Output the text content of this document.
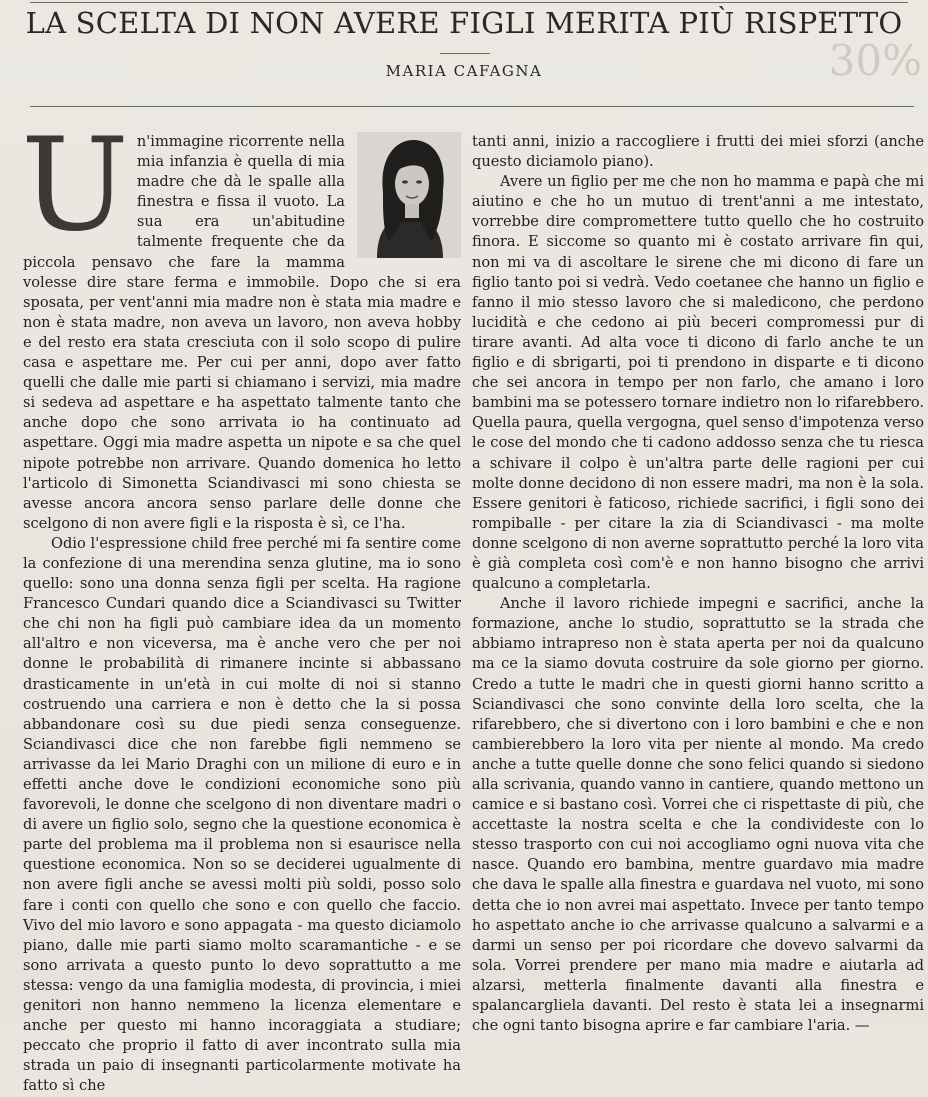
LA SCELTA DI NON AVERE FIGLI MERITA PIÙ RISPETTO
30%
MARIA CAFAGNA
U n'immagine ricorrente nella mia infanzia è quella di mia madre che dà le spalle alla finestra e fissa il vuoto. La sua era un'abitudine talmente frequente che da piccola pensavo che fare la mamma volesse dire stare ferma e immobile. Dopo che si era sposata, per vent'anni mia madre non è stata mia madre e non è stata madre, non aveva un lavoro, non aveva hobby e del resto era stata cresciuta con il solo scopo di pulire casa e aspettare me. Per cui per anni, dopo aver fatto quelli che dalle mie parti si chiamano i servizi, mia madre si sedeva ad aspettare e ha aspettato talmente tanto che anche dopo che sono arrivata io ha continuato ad aspettare. Oggi mia madre aspetta un nipote e sa che quel nipote potrebbe non arrivare. Quando domenica ho letto l'articolo di Simonetta Sciandivasci mi sono chiesta se avesse ancora ancora senso parlare delle donne che scelgono di non avere figli e la risposta è sì, ce l'ha.

Odio l'espressione child free perché mi fa sentire come la confezione di una merendina senza glutine, ma io sono quello: sono una donna senza figli per scelta. Ha ragione Francesco Cundari quando dice a Sciandivasci su Twitter che chi non ha figli può cambiare idea da un momento all'altro e non viceversa, ma è anche vero che per noi donne le probabilità di rimanere incinte si abbassano drasticamente in un'età in cui molte di noi si stanno costruendo una carriera e non è detto che la si possa abbandonare così su due piedi senza conseguenze. Sciandivasci dice che non farebbe figli nemmeno se arrivasse da lei Mario Draghi con un milione di euro e in effetti anche dove le condizioni economiche sono più favorevoli, le donne che scelgono di non diventare madri o di avere un figlio solo, segno che la questione economica è parte del problema ma il problema non si esaurisce nella questione economica. Non so se deciderei ugualmente di non avere figli anche se avessi molti più soldi, posso solo fare i conti con quello che sono e con quello che faccio. Vivo del mio lavoro e sono appagata - ma questo diciamolo piano, dalle mie parti siamo molto scaramantiche - e se sono arrivata a questo punto lo devo soprattutto a me stessa: vengo da una famiglia modesta, di provincia, i miei genitori non hanno nemmeno la licenza elementare e anche per questo mi hanno incoraggiata a studiare; peccato che proprio il fatto di aver incontrato sulla mia strada un paio di insegnanti particolarmente motivate ha fatto sì che

tanti anni, inizio a raccogliere i frutti dei miei sforzi (anche questo diciamolo piano).

Avere un figlio per me che non ho mamma e papà che mi aiutino e che ho un mutuo di trent'anni a me intestato, vorrebbe dire compromettere tutto quello che ho costruito finora. E siccome so quanto mi è costato arrivare fin qui, non mi va di ascoltare le sirene che mi dicono di fare un figlio tanto poi si vedrà. Vedo coetanee che hanno un figlio e fanno il mio stesso lavoro che si maledicono, che perdono lucidità e che cedono ai più beceri compromessi pur di tirare avanti. Ad alta voce ti dicono di farlo anche te un figlio e di sbrigarti, poi ti prendono in disparte e ti dicono che sei ancora in tempo per non farlo, che amano i loro bambini ma se potessero tornare indietro non lo rifarebbero. Quella paura, quella vergogna, quel senso d'impotenza verso le cose del mondo che ti cadono addosso senza che tu riesca a schivare il colpo è un'altra parte delle ragioni per cui molte donne decidono di non essere madri, ma non è la sola. Essere genitori è faticoso, richiede sacrifici, i figli sono dei rompiballe - per citare la zia di Sciandivasci - ma molte donne scelgono di non averne soprattutto perché la loro vita è già completa così com'è e non hanno bisogno che arrivi qualcuno a completarla.

Anche il lavoro richiede impegni e sacrifici, anche la formazione, anche lo studio, soprattutto se la strada che abbiamo intrapreso non è stata aperta per noi da qualcuno ma ce la siamo dovuta costruire da sole giorno per giorno. Credo a tutte le madri che in questi giorni hanno scritto a Sciandivasci che sono convinte della loro scelta, che la rifarebbero, che si divertono con i loro bambini e che e non cambierebbero la loro vita per niente al mondo. Ma credo anche a tutte quelle donne che sono felici quando si siedono alla scrivania, quando vanno in cantiere, quando mettono un camice e si bastano così. Vorrei che ci rispettaste di più, che accettaste la nostra scelta e che la condivideste con lo stesso trasporto con cui noi accogliamo ogni nuova vita che nasce. Quando ero bambina, mentre guardavo mia madre che dava le spalle alla finestra e guardava nel vuoto, mi sono detta che io non avrei mai aspettato. Invece per tanto tempo ho aspettato anche io che arrivasse qualcuno a salvarmi e a darmi un senso per poi ricordare che dovevo salvarmi da sola. Vorrei prendere per mano mia madre e aiutarla ad alzarsi, metterla finalmente davanti alla finestra e spalancargliela davanti. Del resto è stata lei a insegnarmi che ogni tanto bisogna aprire e far cambiare l'aria. —
